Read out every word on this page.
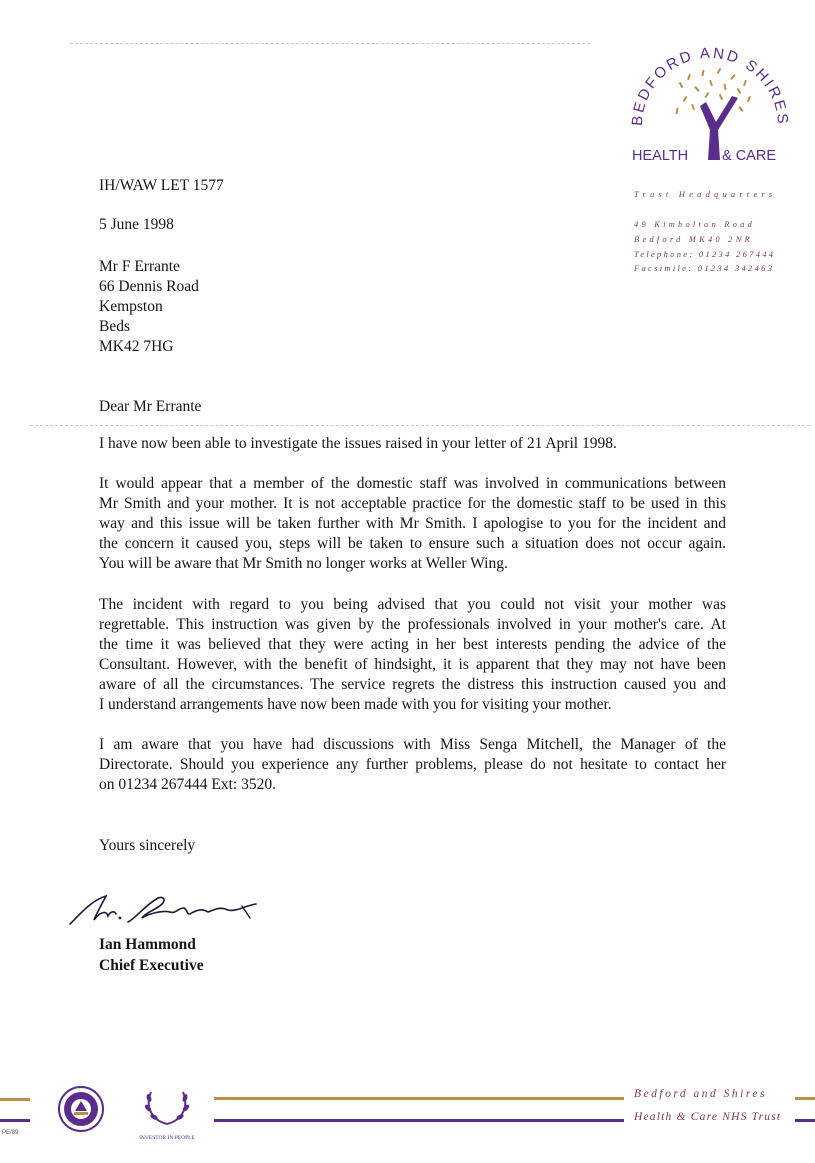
BEDFORD AND SHIRES
HEALTH & CARE
Trust Headquarters
49 Kimbolton Road
Bedford MK40 2NR
Telephone: 01234 267444
Facsimile: 01234 342463
IH/WAW LET 1577
5 June 1998
Mr F Errante
66 Dennis Road
Kempston
Beds
MK42 7HG
Dear Mr Errante

I have now been able to investigate the issues raised in your letter of 21 April 1998.

It would appear that a member of the domestic staff was involved in communications between
Mr Smith and your mother. It is not acceptable practice for the domestic staff to be used in this
way and this issue will be taken further with Mr Smith. I apologise to you for the incident and
the concern it caused you, steps will be taken to ensure such a situation does not occur again.
You will be aware that Mr Smith no longer works at Weller Wing.

The incident with regard to you being advised that you could not visit your mother was
regrettable. This instruction was given by the professionals involved in your mother's care. At
the time it was believed that they were acting in her best interests pending the advice of the
Consultant. However, with the benefit of hindsight, it is apparent that they may not have been
aware of all the circumstances. The service regrets the distress this instruction caused you and
I understand arrangements have now been made with you for visiting your mother.

I am aware that you have had discussions with Miss Senga Mitchell, the Manager of the
Directorate. Should you experience any further problems, please do not hesitate to contact her
on 01234 267444 Ext: 3520.

Yours sincerely
Ian Hammond
Chief Executive
PE/89
INVESTOR IN PEOPLE
Bedford and Shires
Health & Care NHS Trust
